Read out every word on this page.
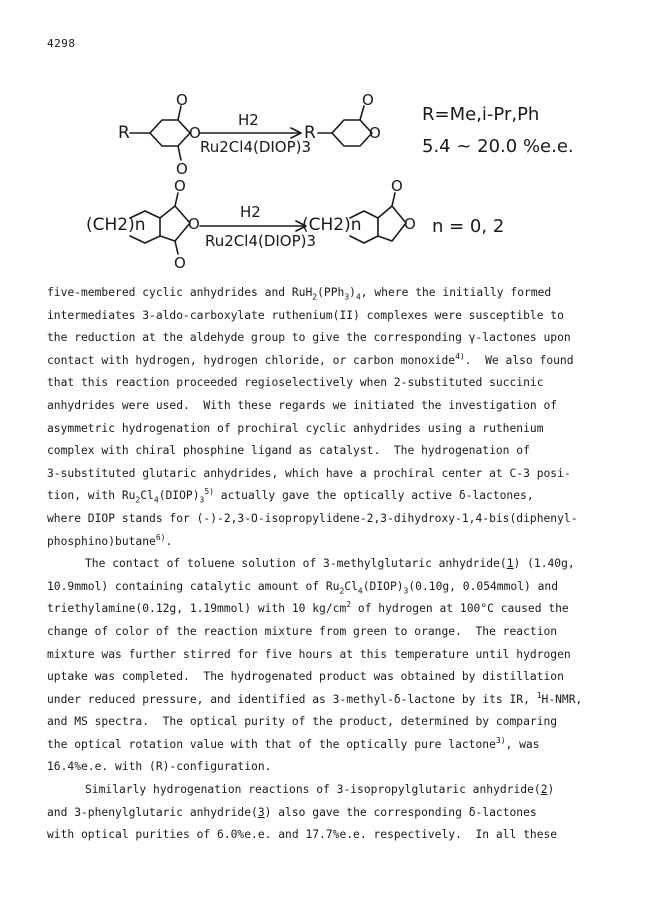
4298
R
O
O
O
H2
Ru2Cl4(DIOP)3
R
O
O
R=Me,i-Pr,Ph
5.4 ~ 20.0 %e.e.
(CH2)n
O
O
O
H2
Ru2Cl4(DIOP)3
(CH2)n
O
O n = 0, 2
five-membered cyclic anhydrides and $RuH_2(PPh_3)_4$, where the initially formed
intermediates 3-aldo-carboxylate ruthenium(II) complexes were susceptible to
the reduction at the aldehyde group to give the corresponding γ-lactones upon
contact with hydrogen, hydrogen chloride, or carbon monoxide$^{4)}$.  We also found
that this reaction proceeded regioselectively when 2-substituted succinic
anhydrides were used.  With these regards we initiated the investigation of
asymmetric hydrogenation of prochiral cyclic anhydrides using a ruthenium
complex with chiral phosphine ligand as catalyst.  The hydrogenation of
3-substituted glutaric anhydrides, which have a prochiral center at C-3 posi-
tion, with $Ru_2Cl_4(DIOP)_3^{5)}$ actually gave the optically active δ-lactones,
where DIOP stands for (-)-2,3-O-isopropylidene-2,3-dihydroxy-1,4-bis(diphenyl-
phosphino)butane$^{6)}$.
The contact of toluene solution of 3-methylglutaric anhydride(1) (1.40g,
10.9mmol) containing catalytic amount of $Ru_2Cl_4(DIOP)_3(0.10g$, 0.054mmol) and
triethylamine(0.12g, 1.19mmol) with 10 $kg/cm^2$ of hydrogen at 100°C caused the
change of color of the reaction mixture from green to orange.  The reaction
mixture was further stirred for five hours at this temperature until hydrogen
uptake was completed.  The hydrogenated product was obtained by distillation
under reduced pressure, and identified as 3-methyl-δ-lactone by its IR, $^1$H-NMR,
and MS spectra.  The optical purity of the product, determined by comparing
the optical rotation value with that of the optically pure lactone$^{3)}$, was
16.4%e.e. with (R)-configuration.
Similarly hydrogenation reactions of 3-isopropylglutaric anhydride(2)
and 3-phenylglutaric anhydride(3) also gave the corresponding δ-lactones
with optical purities of 6.0%e.e. and 17.7%e.e. respectively.  In all these
